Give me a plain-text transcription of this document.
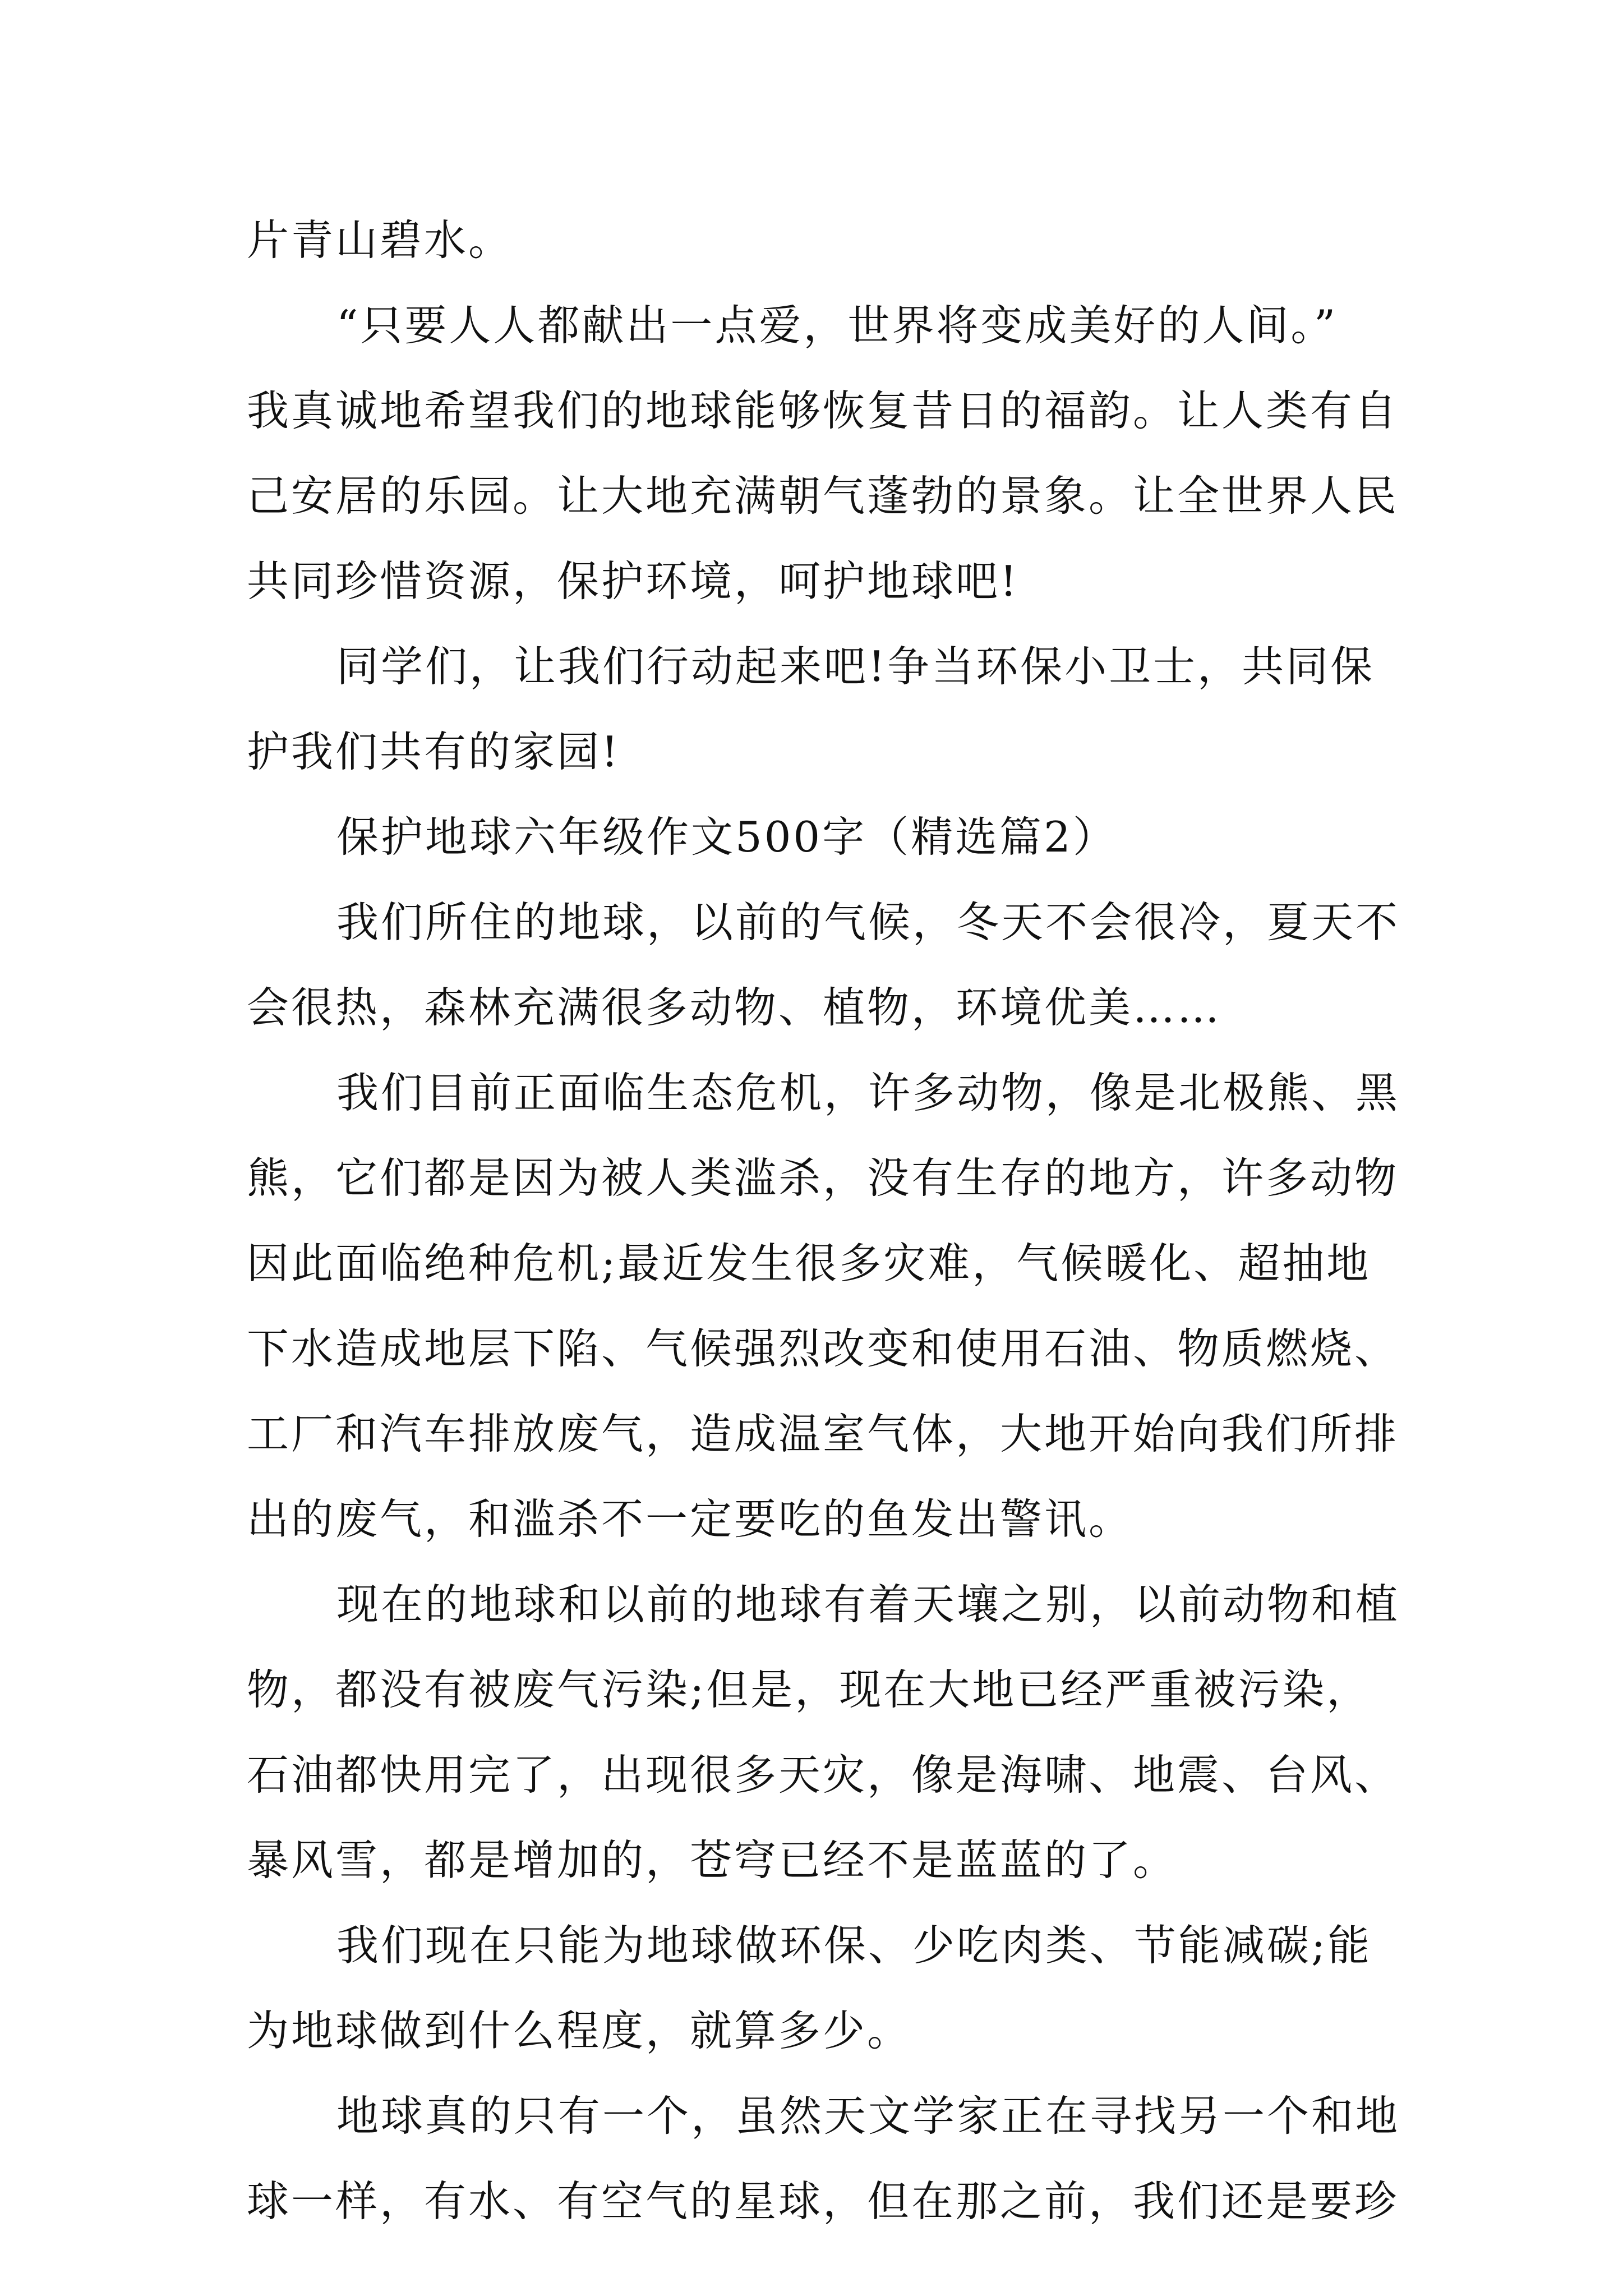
片青山碧水。
“只要人人都献出一点爱，世界将变成美好的人间。”
我真诚地希望我们的地球能够恢复昔日的福韵。让人类有自
己安居的乐园。让大地充满朝气蓬勃的景象。让全世界人民
共同珍惜资源，保护环境，呵护地球吧!
同学们，让我们行动起来吧!争当环保小卫士，共同保
护我们共有的家园!
保护地球六年级作文500字（精选篇2）
我们所住的地球，以前的气候，冬天不会很冷，夏天不
会很热，森林充满很多动物、植物，环境优美……
我们目前正面临生态危机，许多动物，像是北极熊、黑
熊，它们都是因为被人类滥杀，没有生存的地方，许多动物
因此面临绝种危机;最近发生很多灾难，气候暖化、超抽地
下水造成地层下陷、气候强烈改变和使用石油、物质燃烧、
工厂和汽车排放废气，造成温室气体，大地开始向我们所排
出的废气，和滥杀不一定要吃的鱼发出警讯。
现在的地球和以前的地球有着天壤之别，以前动物和植
物，都没有被废气污染;但是，现在大地已经严重被污染，
石油都快用完了，出现很多天灾，像是海啸、地震、台风、
暴风雪，都是增加的，苍穹已经不是蓝蓝的了。
我们现在只能为地球做环保、少吃肉类、节能减碳;能
为地球做到什么程度，就算多少。
地球真的只有一个，虽然天文学家正在寻找另一个和地
球一样，有水、有空气的星球，但在那之前，我们还是要珍
